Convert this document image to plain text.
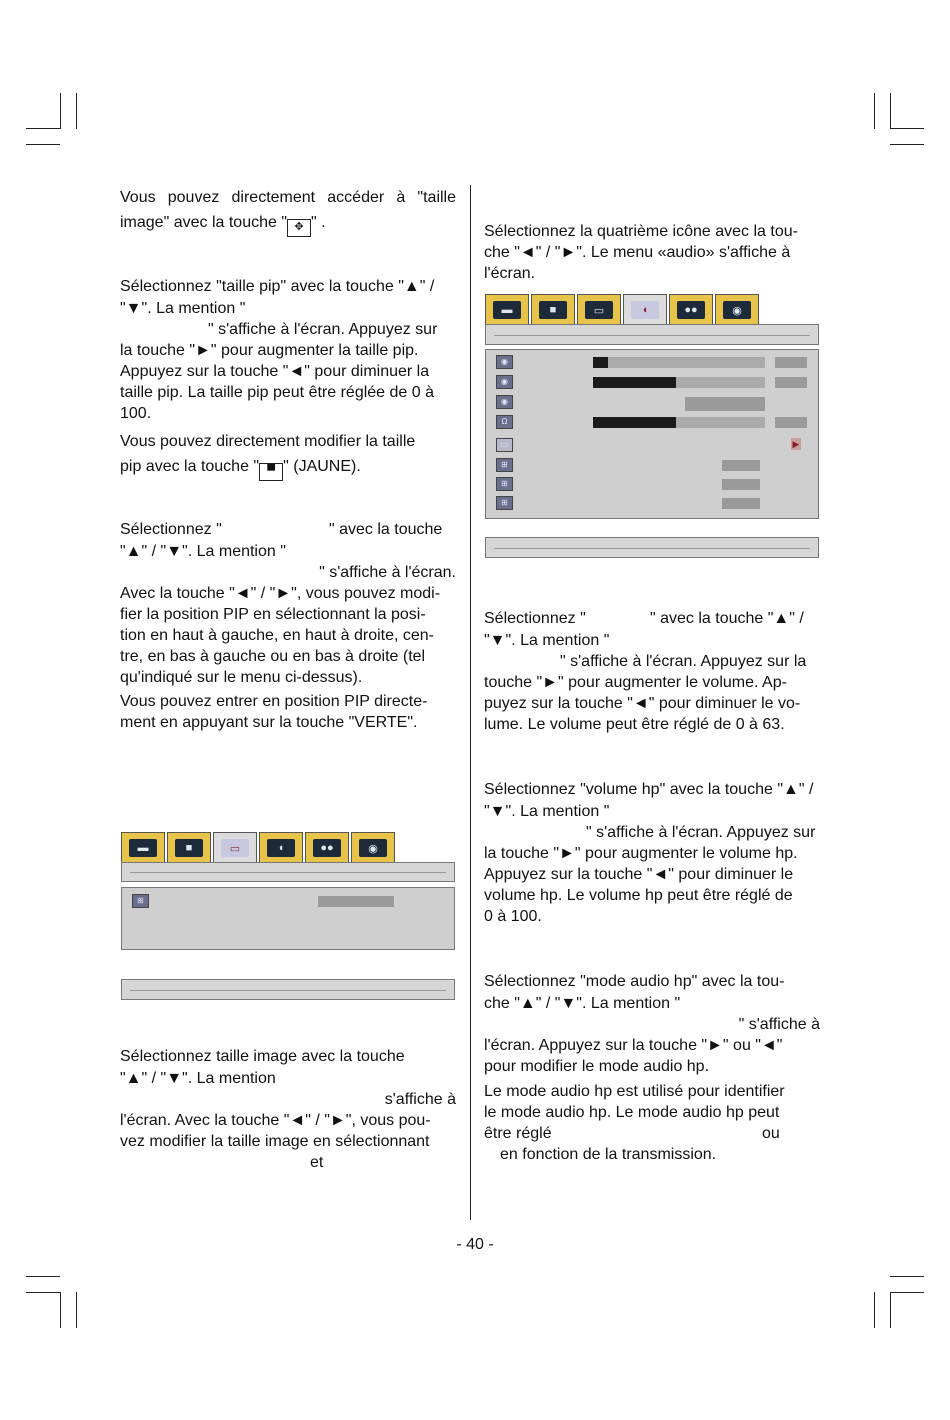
Vous pouvez directement accéder à "taille
image" avec la touche " ✥ " .
Sélectionnez "taille pip" avec la touche "▲" /
"▼". La mention "
" s'affiche à l'écran. Appuyez sur
la touche "►" pour augmenter la taille pip.
Appuyez sur la touche "◄" pour diminuer la
taille pip. La taille pip peut être réglée de 0 à
100.
Vous pouvez directement modifier la taille
pip avec la touche " ▀ " (JAUNE).
Sélectionnez "	" avec la touche
"▲" / "▼". La mention "
" s'affiche à l'écran.
Avec la touche "◄" / "►", vous pouvez modi-
fier la position PIP en sélectionnant la posi-
tion en haut à gauche, en haut à droite, cen-
tre, en bas à gauche ou en bas à droite (tel
qu'indiqué sur le menu ci-dessus).
Vous pouvez entrer en position PIP directe-
ment en appuyant sur la touche "VERTE".
▬	■	▭	◖	●●	◉
⊞
Sélectionnez taille image avec la touche
"▲" / "▼". La mention
s'affiche à
l'écran. Avec la touche "◄" / "►", vous pou-
vez modifier la taille image en sélectionnant
et
Sélectionnez la quatrième icône avec la tou-
che "◄" / "►". Le menu «audio» s'affiche à
l'écran.
▬	■	▭	◖	●●	◉
◉
◉
◉
Ω
▭	▶
⊞
⊞
⊞
Sélectionnez "	" avec la touche "▲" /
"▼". La mention "
" s'affiche à l'écran. Appuyez sur la
touche "►" pour augmenter le volume. Ap-
puyez sur la touche "◄" pour diminuer le vo-
lume. Le volume peut être réglé de 0 à 63.
Sélectionnez "volume hp" avec la touche "▲" /
"▼". La mention "
" s'affiche à l'écran. Appuyez sur
la touche "►" pour augmenter le volume hp.
Appuyez sur la touche "◄" pour diminuer le
volume hp. Le volume hp peut être réglé de
0 à 100.
Sélectionnez "mode audio hp" avec la tou-
che "▲" / "▼". La mention "
" s'affiche à
l'écran. Appuyez sur la touche "►" ou "◄"
pour modifier le mode audio hp.
Le mode audio hp est utilisé pour identifier
le mode audio hp. Le mode audio hp peut
être réglé	ou
en fonction de la transmission.
- 40 -
